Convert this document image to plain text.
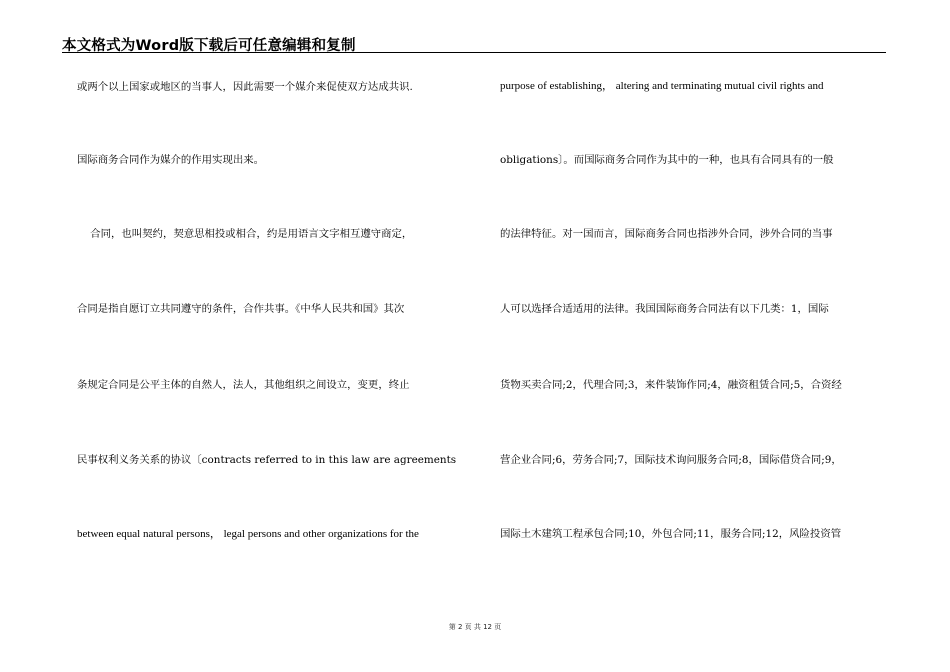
本文格式为Word版下载后可任意编辑和复制
或两个以上国家或地区的当事人，因此需要一个媒介来促使双方达成共识.
国际商务合同作为媒介的作用实现出来。
合同，也叫契约，契意思相投或相合，约是用语言文字相互遵守商定，
合同是指自愿订立共同遵守的条件，合作共事。《中华人民共和国》其次
条规定合同是公平主体的自然人，法人，其他组织之间设立，变更，终止
民事权利义务关系的协议〔contracts referred to in this law are agreements
between equal natural persons， legal persons and other organizations for the
purpose of establishing， altering and terminating mutual civil rights and
obligations〕。而国际商务合同作为其中的一种，也具有合同具有的一般
的法律特征。对一国而言，国际商务合同也指涉外合同，涉外合同的当事
人可以选择合适适用的法律。我国国际商务合同法有以下几类：1，国际
货物买卖合同;2，代理合同;3，来件装饰作同;4，融资租赁合同;5，合资经
营企业合同;6，劳务合同;7，国际技术询问服务合同;8，国际借贷合同;9，
国际土木建筑工程承包合同;10，外包合同;11，服务合同;12，风险投资管
第 2 页 共 12 页
